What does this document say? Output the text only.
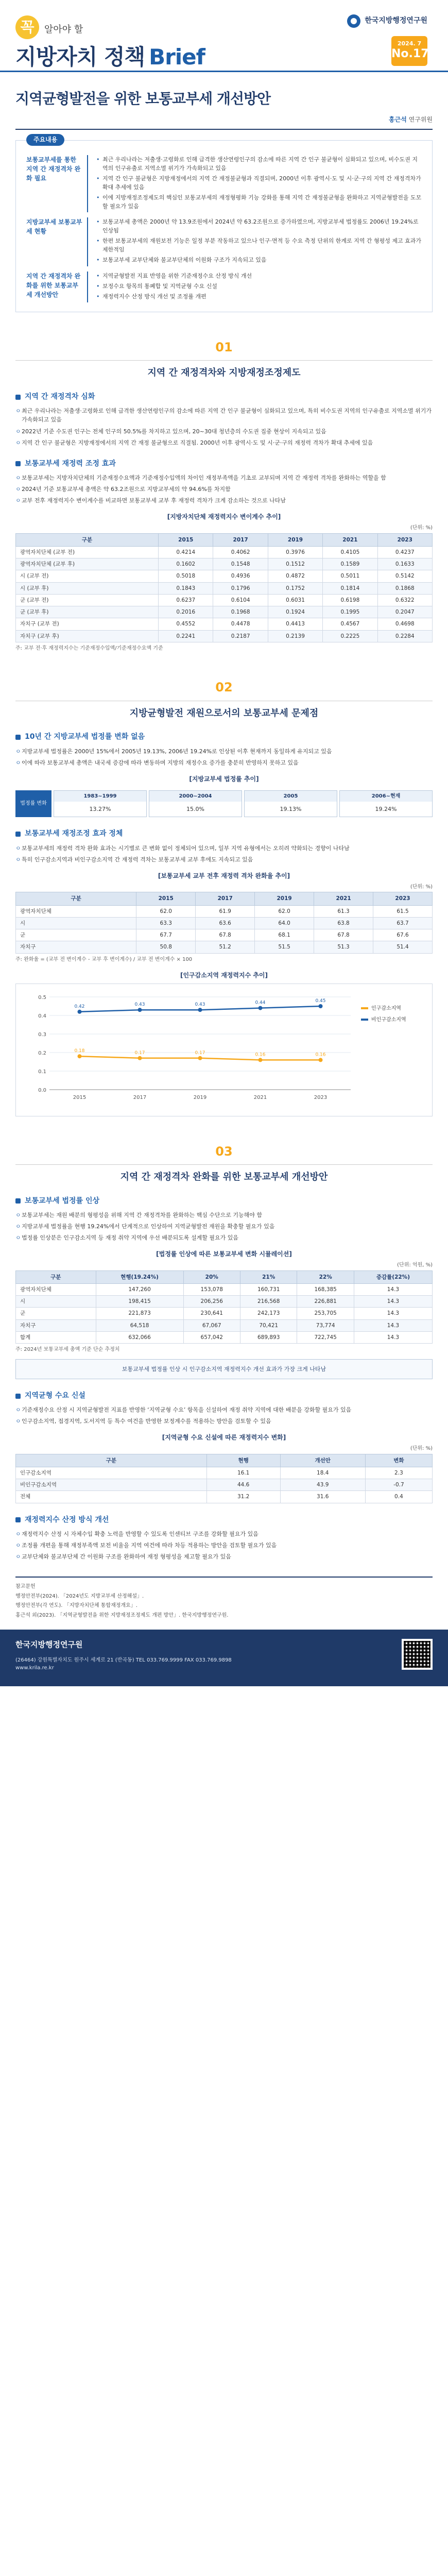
꼭	알아야 할
지방자치 정책 Brief
한국지방행정연구원
2024. 7
No.173
지역균형발전을 위한 보통교부세 개선방안
홍근석 연구위원
주요내용
보통교부세를 통한 지역 간 재정격차 완화 필요
• 최근 우리나라는 저출생·고령화로 인해 급격한 생산연령인구의 감소에 따른 지역 간 인구 불균형이 심화되고 있으며, 비수도권 지역의 인구유출로 지역소멸 위기가 가속화되고 있음
• 지역 간 인구 불균형은 지방재정에서의 지역 간 재정불균형과 직결되며, 2000년 이후 광역시·도 및 시·군·구의 지역 간 재정격차가 확대 추세에 있음
• 이에 지방재정조정제도의 핵심인 보통교부세의 재정형평화 기능 강화를 통해 지역 간 재정불균형을 완화하고 지역균형발전을 도모할 필요가 있음
지방교부세 보통교부세 현황
• 보통교부세 총액은 2000년 약 13.9조원에서 2024년 약 63.2조원으로 증가하였으며, 지방교부세 법정률도 2006년 19.24%로 인상됨
• 한편 보통교부세의 재원보전 기능은 일정 부분 작동하고 있으나 인구·면적 등 수요 측정 단위의 한계로 지역 간 형평성 제고 효과가 제한적임
• 보통교부세 교부단체와 불교부단체의 이원화 구조가 지속되고 있음
지역 간 재정격차 완화를 위한 보통교부세 개선방안
• 지역균형발전 지표 반영을 위한 기준재정수요 산정 방식 개선
• 보정수요 항목의 통폐합 및 지역균형 수요 신설
• 재정력지수 산정 방식 개선 및 조정률 개편
01
지역 간 재정격차와 지방재정조정제도
지역 간 재정격차 심화

ㅇ 최근 우리나라는 저출생·고령화로 인해 급격한 생산연령인구의 감소에 따른 지역 간 인구 불균형이 심화되고 있으며, 특히 비수도권 지역의 인구유출로 지역소멸 위기가 가속화되고 있음

ㅇ 2022년 기준 수도권 인구는 전체 인구의 50.5%를 차지하고 있으며, 20~30대 청년층의 수도권 집중 현상이 지속되고 있음

ㅇ 지역 간 인구 불균형은 지방재정에서의 지역 간 재정 불균형으로 직결됨. 2000년 이후 광역시·도 및 시·군·구의 재정력 격차가 확대 추세에 있음

보통교부세 재정력 조정 효과

ㅇ 보통교부세는 지방자치단체의 기준재정수요액과 기준재정수입액의 차이인 재정부족액을 기초로 교부되며 지역 간 재정력 격차를 완화하는 역할을 함

ㅇ 2024년 기준 보통교부세 총액은 약 63.2조원으로 지방교부세의 약 94.6%를 차지함

ㅇ 교부 전후 재정력지수 변이계수를 비교하면 보통교부세 교부 후 재정력 격차가 크게 감소하는 것으로 나타남

[지방자치단체 재정력지수 변이계수 추이]
(단위: %)
구분	2015	2017	2019	2021	2023
광역자치단체 (교부 전)	0.4214	0.4062	0.3976	0.4105	0.4237
광역자치단체 (교부 후)	0.1602	0.1548	0.1512	0.1589	0.1633
시 (교부 전)	0.5018	0.4936	0.4872	0.5011	0.5142
시 (교부 후)	0.1843	0.1796	0.1752	0.1814	0.1868
군 (교부 전)	0.6237	0.6104	0.6031	0.6198	0.6322
군 (교부 후)	0.2016	0.1968	0.1924	0.1995	0.2047
자치구 (교부 전)	0.4552	0.4478	0.4413	0.4567	0.4698
자치구 (교부 후)	0.2241	0.2187	0.2139	0.2225	0.2284
주: 교부 전·후 재정력지수는 기준재정수입액/기준재정수요액 기준
02
지방균형발전 재원으로서의 보통교부세 문제점
10년 간 지방교부세 법정률 변화 없음

ㅇ 지방교부세 법정률은 2000년 15%에서 2005년 19.13%, 2006년 19.24%로 인상된 이후 현재까지 동일하게 유지되고 있음

ㅇ 이에 따라 보통교부세 총액은 내국세 증감에 따라 변동하며 지방의 재정수요 증가를 충분히 반영하지 못하고 있음

[지방교부세 법정률 추이]
법정률 변화
1983~1999
13.27%
2000~2004
15.0%
2005
19.13%
2006~현재
19.24%
보통교부세 재정조정 효과 정체

ㅇ 보통교부세의 재정력 격차 완화 효과는 시기별로 큰 변화 없이 정체되어 있으며, 일부 지역 유형에서는 오히려 약화되는 경향이 나타남

ㅇ 특히 인구감소지역과 비인구감소지역 간 재정력 격차는 보통교부세 교부 후에도 지속되고 있음

[보통교부세 교부 전후 재정력 격차 완화율 추이]
(단위: %)
구분	2015	2017	2019	2021	2023
광역자치단체	62.0	61.9	62.0	61.3	61.5
시	63.3	63.6	64.0	63.8	63.7
군	67.7	67.8	68.1	67.8	67.6
자치구	50.8	51.2	51.5	51.3	51.4
주: 완화율 = (교부 전 변이계수 - 교부 후 변이계수) / 교부 전 변이계수 × 100
[인구감소지역 재정력지수 추이]
0.0
0.1
0.2
0.3
0.4
0.5
2015	2017	2019	2021	2023
0.18	0.17	0.17	0.16	0.16
인구감소지역
0.42	0.43	0.43	0.44	0.45
비인구감소지역
03
지역 간 재정격차 완화를 위한 보통교부세 개선방안
보통교부세 법정률 인상

ㅇ 보통교부세는 재원 배분의 형평성을 위해 지역 간 재정격차를 완화하는 핵심 수단으로 기능해야 함

ㅇ 지방교부세 법정률을 현행 19.24%에서 단계적으로 인상하여 지역균형발전 재원을 확충할 필요가 있음

ㅇ 법정률 인상분은 인구감소지역 등 재정 취약 지역에 우선 배분되도록 설계할 필요가 있음

[법정률 인상에 따른 보통교부세 변화 시뮬레이션]
(단위: 억원, %)
구분	현행(19.24%)	20%	21%	22%	증감률(22%)
광역자치단체	147,260	153,078	160,731	168,385	14.3
시	198,415	206,256	216,568	226,881	14.3
군	221,873	230,641	242,173	253,705	14.3
자치구	64,518	67,067	70,421	73,774	14.3
합계	632,066	657,042	689,893	722,745	14.3
주: 2024년 보통교부세 총액 기준 단순 추정치
보통교부세 법정률 인상 시 인구감소지역 재정력지수 개선 효과가 가장 크게 나타남
지역균형 수요 신설

ㅇ 기준재정수요 산정 시 지역균형발전 지표를 반영한 ‘지역균형 수요’ 항목을 신설하여 재정 취약 지역에 대한 배분을 강화할 필요가 있음

ㅇ 인구감소지역, 접경지역, 도서지역 등 특수 여건을 반영한 보정계수를 적용하는 방안을 검토할 수 있음

[지역균형 수요 신설에 따른 재정력지수 변화]
(단위: %)
구분	현행	개선안	변화
인구감소지역	16.1	18.4	2.3
비인구감소지역	44.6	43.9	-0.7
전체	31.2	31.6	0.4
재정력지수 산정 방식 개선

ㅇ 재정력지수 산정 시 자체수입 확충 노력을 반영할 수 있도록 인센티브 구조를 강화할 필요가 있음

ㅇ 조정률 개편을 통해 재정부족액 보전 비율을 지역 여건에 따라 차등 적용하는 방안을 검토할 필요가 있음

ㅇ 교부단체와 불교부단체 간 이원화 구조를 완화하여 재정 형평성을 제고할 필요가 있음

참고문헌

행정안전부(2024). 「2024년도 지방교부세 산정해설」.

행정안전부(각 연도). 「지방자치단체 통합재정개요」.

홍근석 외(2023). 「지역균형발전을 위한 지방재정조정제도 개편 방안」. 한국지방행정연구원.

한국지방행정연구원
(26464) 강원특별자치도 원주시 세계로 21 (반곡동) TEL 033.769.9999 FAX 033.769.9898
www.krila.re.kr
